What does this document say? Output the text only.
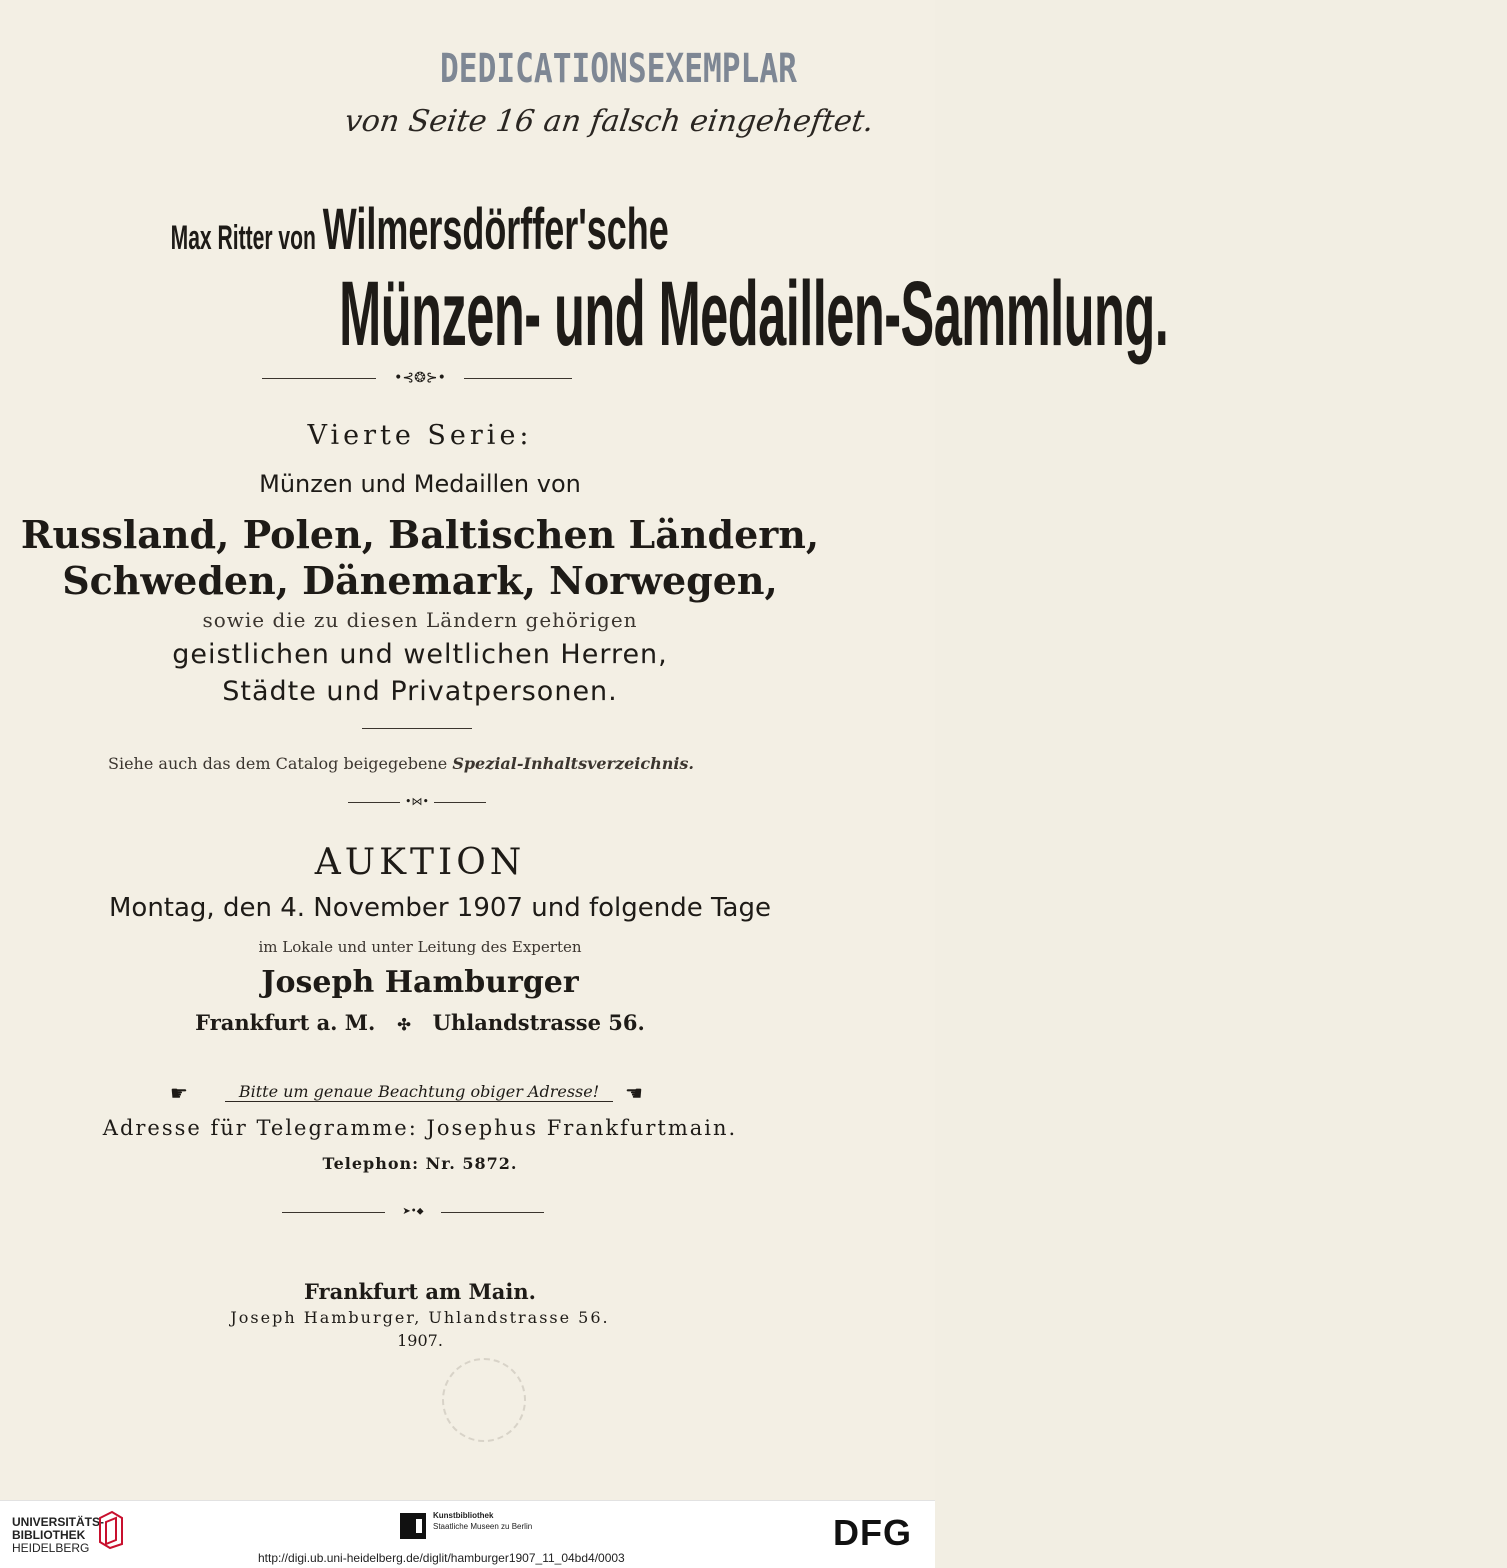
DEDICATIONSEXEMPLAR
von Seite 16 an falsch eingeheftet.
Max Ritter von Wilmersdörffer'sche
Münzen- und Medaillen-Sammlung.
•⊰❂⊱•
Vierte Serie:
Münzen und Medaillen von
Russland, Polen, Baltischen Ländern,
Schweden, Dänemark, Norwegen,
sowie die zu diesen Ländern gehörigen
geistlichen und weltlichen Herren,
Städte und Privatpersonen.
Siehe auch das dem Catalog beigegebene Spezial-Inhaltsverzeichnis.
•⋈•
AUKTION
Montag, den 4. November 1907 und folgende Tage
im Lokale und unter Leitung des Experten
Joseph Hamburger
Frankfurt a. M. ✣ Uhlandstrasse 56.
☛	Bitte um genaue Beachtung obiger Adresse!	☚
Adresse für Telegramme: Josephus Frankfurtmain.
Telephon: Nr. 5872.
➤•⬥
Frankfurt am Main.
Joseph Hamburger, Uhlandstrasse 56.
1907.
UNIVERSITÄTS-
BIBLIOTHEK
HEIDELBERG
Kunstbibliothek
Staatliche Museen zu Berlin	DFG
http://digi.ub.uni-heidelberg.de/diglit/hamburger1907_11_04bd4/0003
